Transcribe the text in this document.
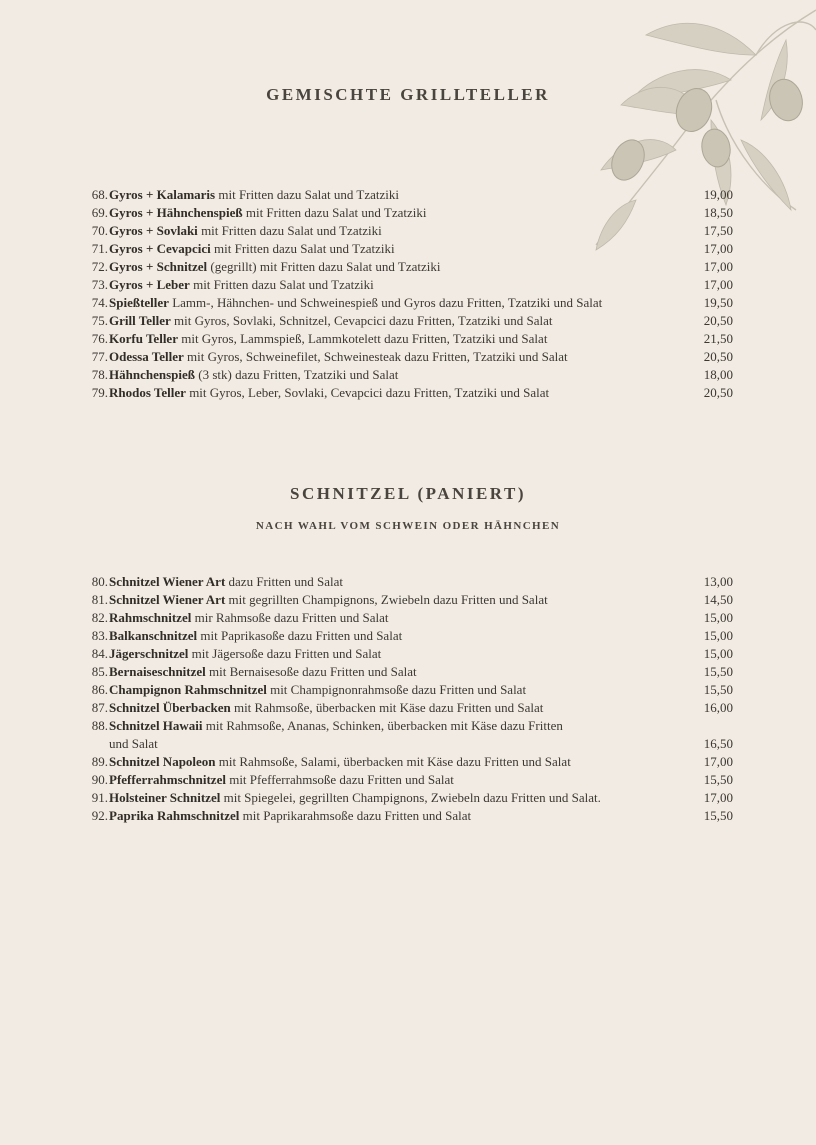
GEMISCHTE GRILLTELLER
68. Gyros + Kalamaris mit Fritten dazu Salat und Tzatziki	19,00
69. Gyros + Hähnchenspieß mit Fritten dazu Salat und Tzatziki	18,50
70. Gyros + Sovlaki mit Fritten dazu Salat und Tzatziki	17,50
71. Gyros + Cevapcici mit Fritten dazu Salat und Tzatziki	17,00
72. Gyros + Schnitzel (gegrillt) mit Fritten dazu Salat und Tzatziki	17,00
73. Gyros + Leber mit Fritten dazu Salat und Tzatziki	17,00
74. Spießteller Lamm-, Hähnchen- und Schweinespieß und Gyros dazu Fritten, Tzatziki und Salat	19,50
75. Grill Teller mit Gyros, Sovlaki, Schnitzel, Cevapcici dazu Fritten, Tzatziki und Salat	20,50
76. Korfu Teller mit Gyros, Lammspieß, Lammkotelett dazu Fritten, Tzatziki und Salat	21,50
77. Odessa Teller mit Gyros, Schweinefilet, Schweinesteak dazu Fritten, Tzatziki und Salat	20,50
78. Hähnchenspieß (3 stk) dazu Fritten, Tzatziki und Salat	18,00
79. Rhodos Teller mit Gyros, Leber, Sovlaki, Cevapcici dazu Fritten, Tzatziki und Salat	20,50
SCHNITZEL (PANIERT)
NACH WAHL VOM SCHWEIN ODER HÄHNCHEN
80. Schnitzel Wiener Art dazu Fritten und Salat	13,00
81. Schnitzel Wiener Art mit gegrillten Champignons, Zwiebeln dazu Fritten und Salat	14,50
82. Rahmschnitzel mir Rahmsoße dazu Fritten und Salat	15,00
83. Balkanschnitzel mit Paprikasoße dazu Fritten und Salat	15,00
84. Jägerschnitzel mit Jägersoße dazu Fritten und Salat	15,00
85. Bernaiseschnitzel mit Bernaisesoße dazu Fritten und Salat	15,50
86. Champignon Rahmschnitzel mit Champignonrahmsoße dazu Fritten und Salat	15,50
87. Schnitzel Überbacken mit Rahmsoße, überbacken mit Käse dazu Fritten und Salat	16,00
88. Schnitzel Hawaii mit Rahmsoße, Ananas, Schinken, überbacken mit Käse dazu Fritten
und Salat	16,50
89. Schnitzel Napoleon mit Rahmsoße, Salami, überbacken mit Käse dazu Fritten und Salat	17,00
90. Pfefferrahmschnitzel mit Pfefferrahmsoße dazu Fritten und Salat	15,50
91. Holsteiner Schnitzel mit Spiegelei, gegrillten Champignons, Zwiebeln dazu Fritten und Salat.	17,00
92. Paprika Rahmschnitzel mit Paprikarahmsoße dazu Fritten und Salat	15,50
